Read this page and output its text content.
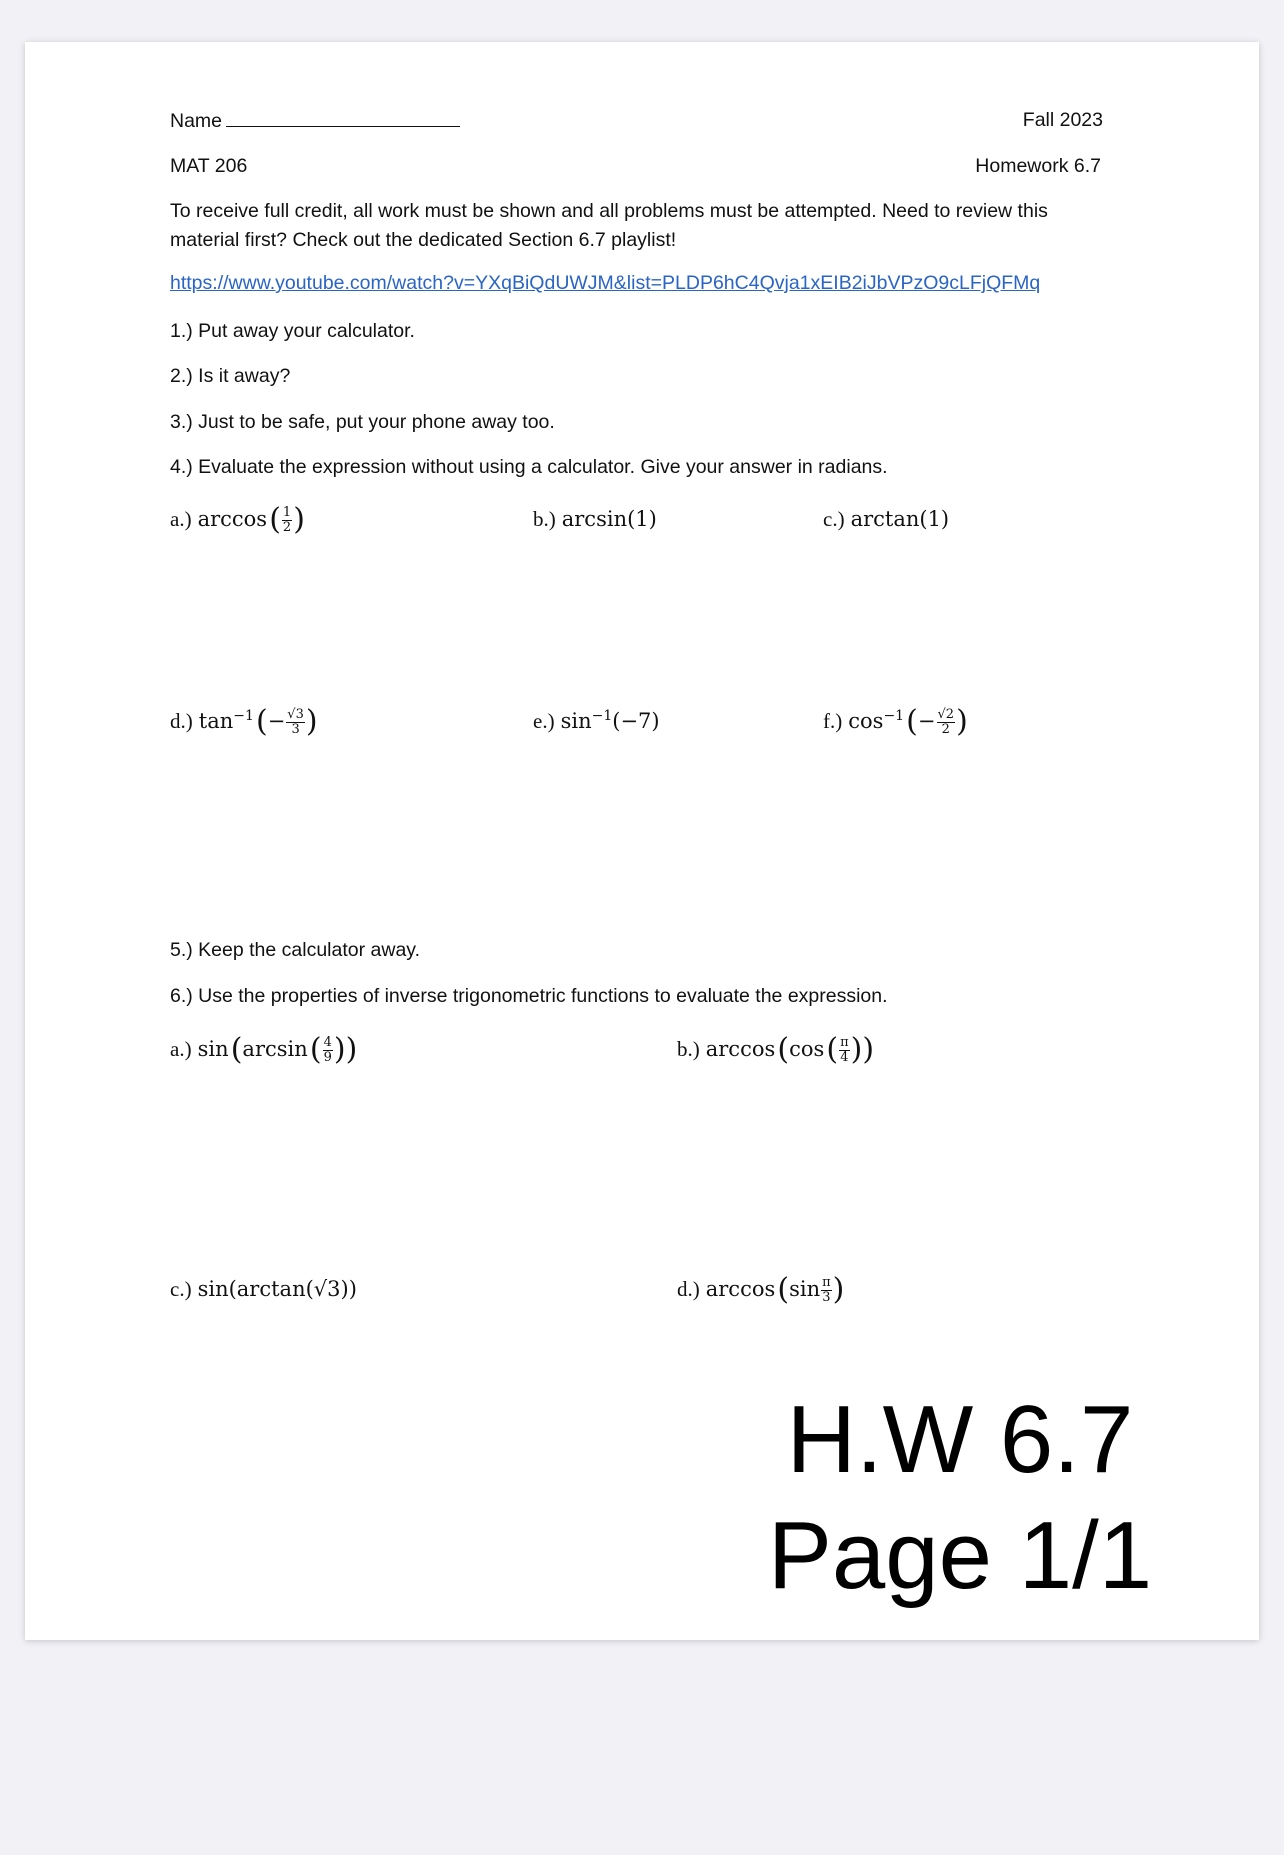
Name	Fall 2023
MAT 206	Homework 6.7
To receive full credit, all work must be shown and all problems must be attempted. Need to review this material first? Check out the dedicated Section 6.7 playlist!
https://www.youtube.com/watch?v=YXqBiQdUWJM&list=PLDP6hC4Qvja1xEIB2iJbVPzO9cLFjQFMq
1.) Put away your calculator.
2.) Is it away?
3.) Just to be safe, put your phone away too.
4.) Evaluate the expression without using a calculator. Give your answer in radians.
a.) arccos ( $\frac{1}{2}$ )	b.) arcsin(1)	c.) arctan(1)
d.) $\tan^{-1}$ (− $\frac{√3}{3}$ )	e.) $\sin^{-1}(-7)$	f.) $\cos^{-1}$ (− $\frac{√2}{2}$ )
5.) Keep the calculator away.
6.) Use the properties of inverse trigonometric functions to evaluate the expression.
a.) sin (arcsin ( $\frac{4}{9}$ ))	b.) arccos (cos ( $\frac{\pi}{4}$ ))
c.) sin(arctan(√3))	d.) arccos ($\sin \frac{\pi}{3}$ )
H.W 6.7
Page 1/1
